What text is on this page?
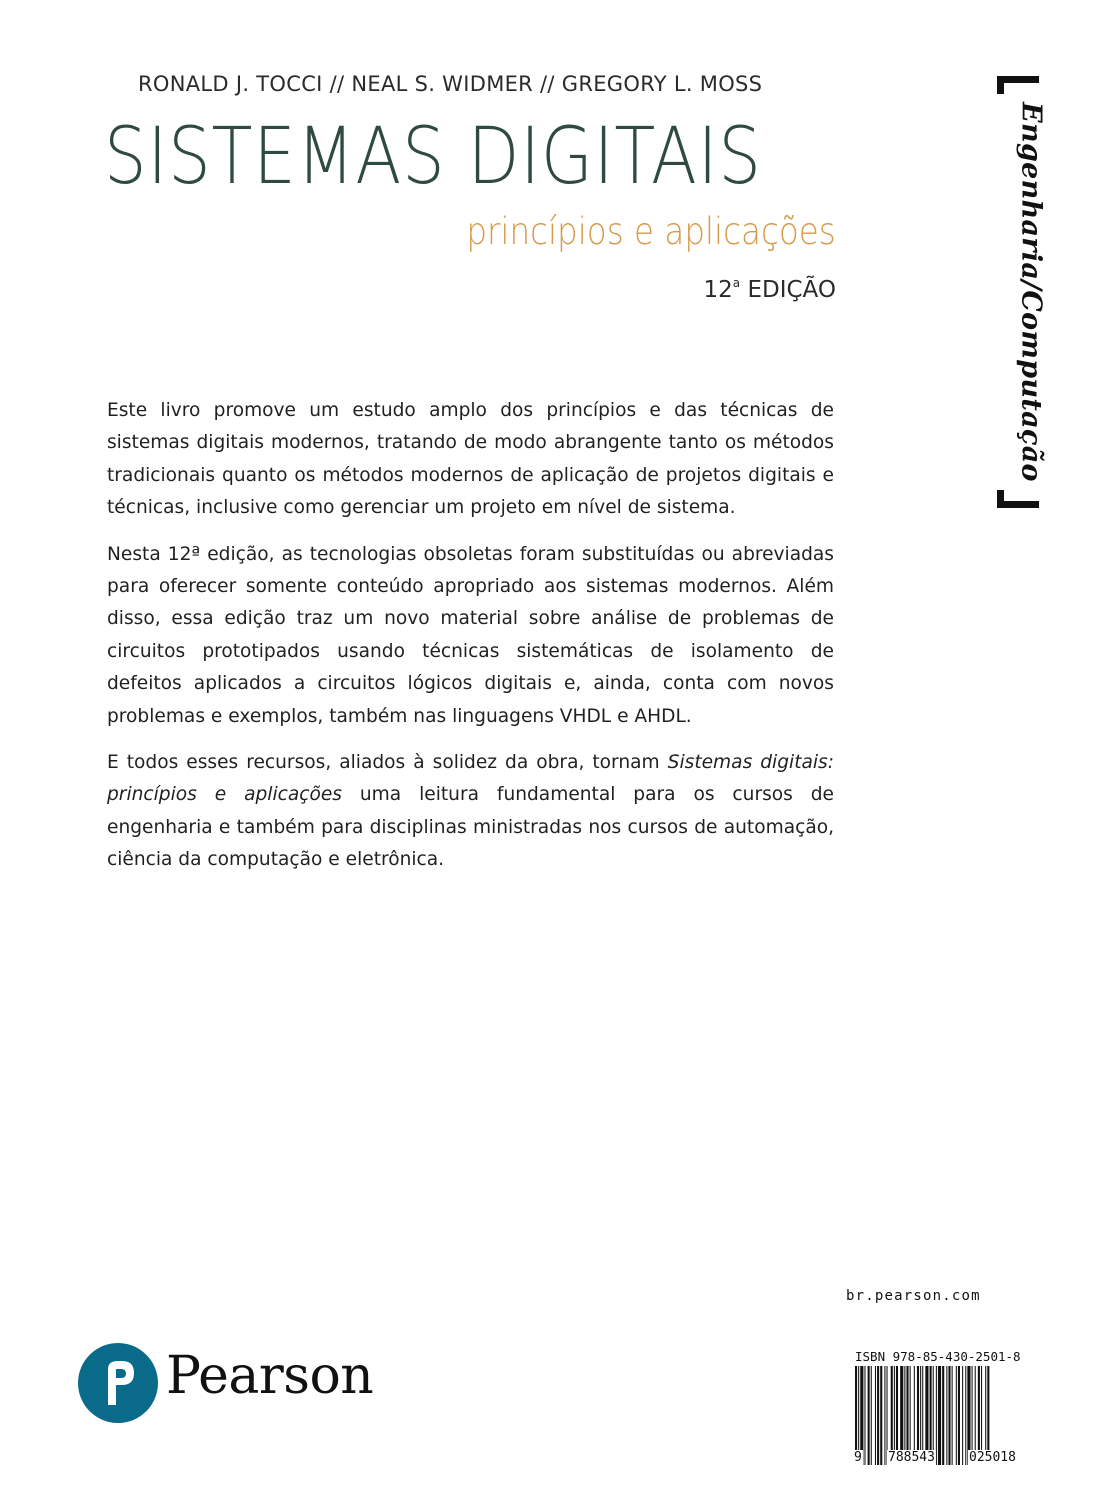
RONALD J. TOCCI // NEAL S. WIDMER // GREGORY L. MOSS
SISTEMAS DIGITAIS
princípios e aplicações
12$^a$ EDIÇÃO	Engenharia/Computação

Este livro promove um estudo amplo dos princípios e das técnicas de sistemas digitais modernos, tratando de modo abrangente tanto os métodos tradicionais quanto os métodos modernos de aplicação de projetos digitais e técnicas, inclusive como gerenciar um projeto em nível de sistema.

Nesta 12ª edição, as tecnologias obsoletas foram substituídas ou abreviadas para oferecer somente conteúdo apropriado aos sistemas modernos. Além disso, essa edição traz um novo material sobre análise de problemas de circuitos prototipados usando técnicas sistemáticas de isolamento de defeitos aplicados a circuitos lógicos digitais e, ainda, conta com novos problemas e exemplos, também nas linguagens VHDL e AHDL.

E todos esses recursos, aliados à solidez da obra, tornam Sistemas digitais: princípios e aplicações uma leitura fundamental para os cursos de engenharia e também para disciplinas ministradas nos cursos de automação, ciência da computação e eletrônica.

br.pearson.com
ISBN 978-85-430-2501-8
9 788543	025018
Pearson
